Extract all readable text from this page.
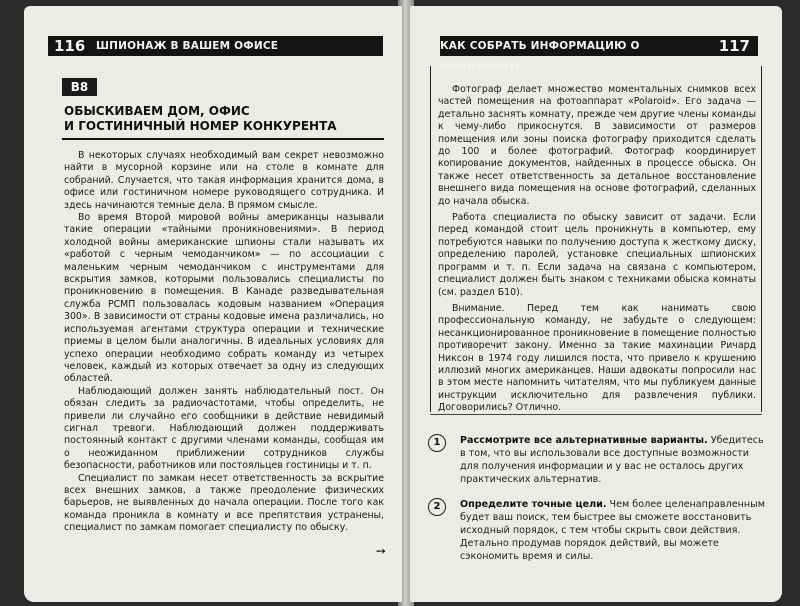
116 ШПИОНАЖ В ВАШЕМ ОФИСЕ
В8
ОБЫСКИВАЕМ ДОМ, ОФИС
И ГОСТИНИЧНЫЙ НОМЕР КОНКУРЕНТА

В некоторых случаях необходимый вам секрет невозможно найти в мусорной корзине или на столе в комнате для собраний. Случается, что такая информация хранится дома, в офисе или гостиничном номере руководящего сотрудника. И здесь начинаются темные дела. В прямом смысле.

Во время Второй мировой войны американцы называли такие операции «тайными проникновениями». В период холодной войны американские шпионы стали называть их «работой с черным чемоданчиком» — по ассоциации с маленьким черным чемоданчиком с инструментами для вскрытия замков, которыми пользовались специалисты по проникновению в помещения. В Канаде разведывательная служба РСМП пользовалась кодовым названием «Операция 300». В зависимости от страны кодовые имена различались, но используемая агентами структура операции и технические приемы в целом были аналогичны. В идеальных условиях для успехо операции необходимо собрать команду из четырех человек, каждый из которых отвечает за одну из следующих областей.

Наблюдающий должен занять наблюдательный пост. Он обязан следить за радиочастотами, чтобы определить, не привели ли случайно его сообщники в действие невидимый сигнал тревоги. Наблюдающий должен поддерживать постоянный контакт с другими членами команды, сообщая им о неожиданном приближении сотрудников службы безопасности, работников или постояльцев гостиницы и т. п.

Специалист по замкам несет ответственность за вскрытие всех внешних замков, а также преодоление физических барьеров, не выявленных до начала операции. После того как команда проникла в комнату и все препятствия устранены, специалист по замкам помогает специалисту по обыску.

➙
КАК СОБРАТЬ ИНФОРМАЦИЮ О КОНКУРЕНТЕ
117

Фотограф делает множество моментальных снимков всех частей помещения на фотоаппарат «Polaroid». Его задача — детально заснять комнату, прежде чем другие члены команды к чему-либо прикоснутся. В зависимости от размеров помещения или зоны поиска фотографу приходится сделать до 100 и более фотографий. Фотограф координирует копирование документов, найденных в процессе обыска. Он также несет ответственность за детальное восстановление внешнего вида помещения на основе фотографий, сделанных до начала обыска.

Работа специалиста по обыску зависит от задачи. Если перед командой стоит цель проникнуть в компьютер, ему потребуются навыки по получению доступа к жесткому диску, определению паролей, установке специальных шпионских программ и т. п. Если задача на связана с компьютером, специалист должен быть знаком с техниками обыска комнаты (см. раздел Б10).

Внимание. Перед тем как нанимать свою профессиональную команду, не забудьте о следующем: несанкционированное проникновение в помещение полностью противоречит закону. Именно за такие махинации Ричард Никсон в 1974 году лишился поста, что привело к крушению иллюзий многих американцев. Наши адвокаты попросили нас в этом месте напомнить читателям, что мы публикуем данные инструкции исключительно для развлечения публики. Договорились? Отлично.

1	Рассмотрите все альтернативные варианты. Убедитесь в том, что вы использовали все доступные возможности для получения информации и у вас не осталось других практических альтернатив.
2	Определите точные цели. Чем более целенаправленным будет ваш поиск, тем быстрее вы сможете восстановить исходный порядок, с тем чтобы скрыть свои действия. Детально продумав порядок действий, вы можете сэкономить время и силы.
